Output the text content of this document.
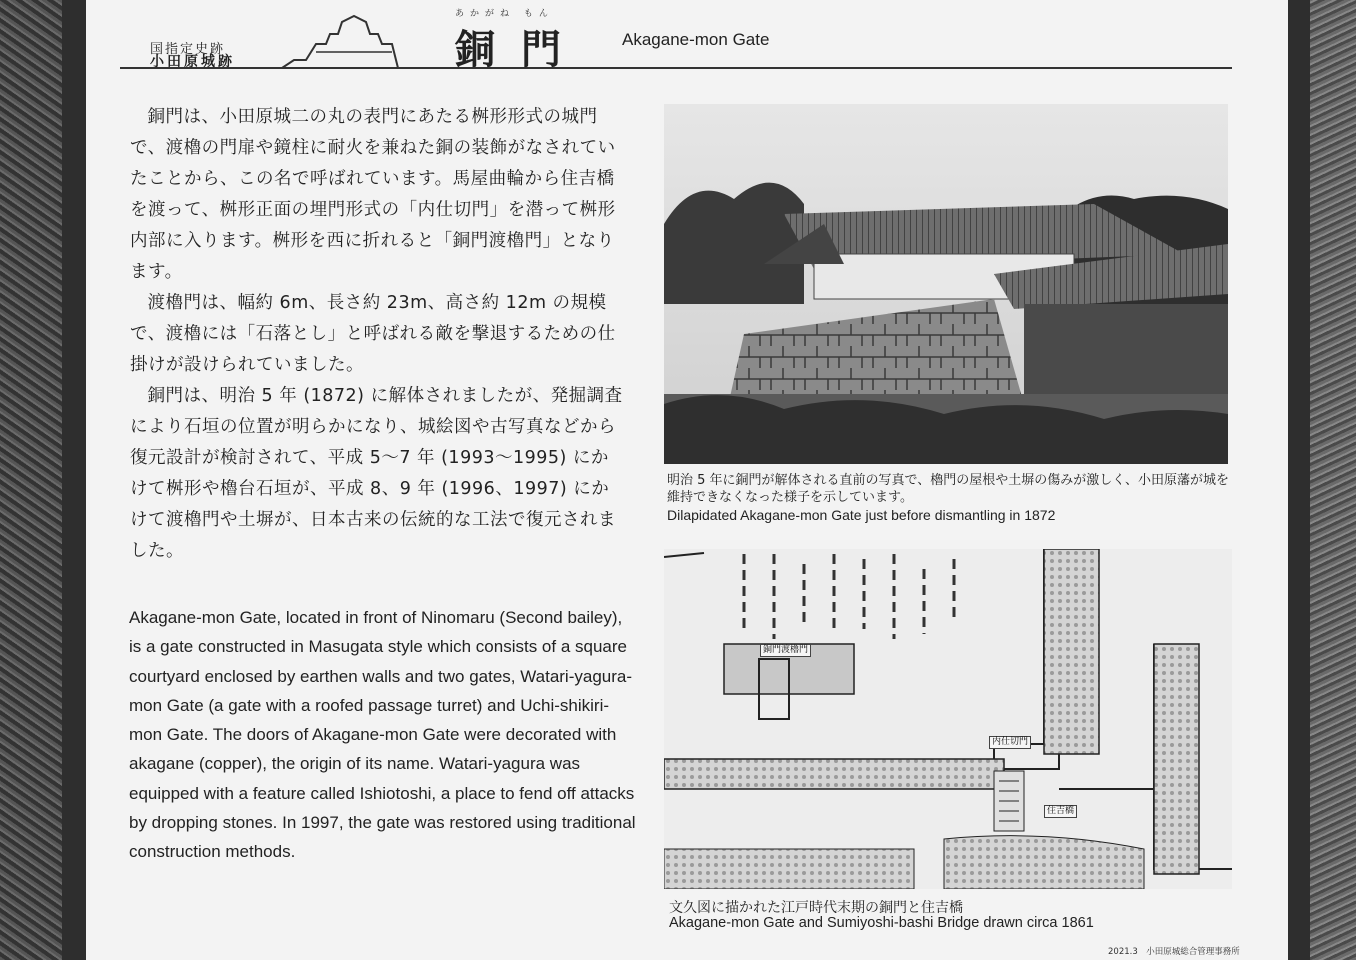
国指定史跡
小田原城跡
あかがね もん
銅門 Akagane-mon Gate

銅門は、小田原城二の丸の表門にあたる桝形形式の城門で、渡櫓の門扉や鏡柱に耐火を兼ねた銅の装飾がなされていたことから、この名で呼ばれています。馬屋曲輪から住吉橋を渡って、桝形正面の埋門形式の「内仕切門」を潜って桝形内部に入ります。桝形を西に折れると「銅門渡櫓門」となります。

渡櫓門は、幅約 6m、長さ約 23m、高さ約 12m の規模で、渡櫓には「石落とし」と呼ばれる敵を撃退するための仕掛けが設けられていました。

銅門は、明治 5 年 (1872) に解体されましたが、発掘調査により石垣の位置が明らかになり、城絵図や古写真などから復元設計が検討されて、平成 5～7 年 (1993～1995) にかけて桝形や櫓台石垣が、平成 8、9 年 (1996、1997) にかけて渡櫓門や土塀が、日本古来の伝統的な工法で復元されました。

Akagane-mon Gate, located in front of Ninomaru (Second bailey), is a gate constructed in Masugata style which consists of a square courtyard enclosed by earthen walls and two gates, Watari-yagura-mon Gate (a gate with a roofed passage turret) and Uchi-shikiri-mon Gate. The doors of Akagane-mon Gate were decorated with akagane (copper), the origin of its name. Watari-yagura was equipped with a feature called Ishiotoshi, a place to fend off attacks by dropping stones. In 1997, the gate was restored using traditional construction methods.

明治 5 年に銅門が解体される直前の写真で、櫓門の屋根や土塀の傷みが激しく、小田原藩が城を維持できなくなった様子を示しています。
Dilapidated Akagane-mon Gate just before dismantling in 1872
銅門渡櫓門
内仕切門
住吉橋
文久図に描かれた江戸時代末期の銅門と住吉橋
Akagane-mon Gate and Sumiyoshi-bashi Bridge drawn circa 1861
2021.3　小田原城総合管理事務所
